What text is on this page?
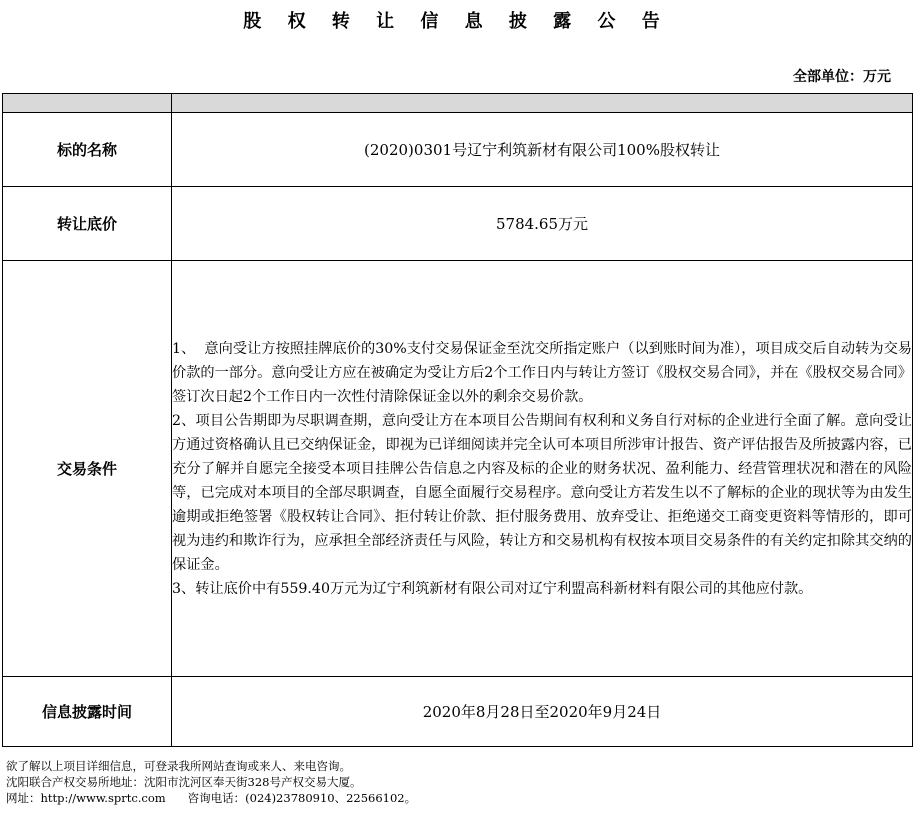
股 权 转 让 信 息 披 露 公 告
全部单位：万元

标的名称	(2020)0301号辽宁利筑新材有限公司100%股权转让
转让底价	5784.65万元
交易条件	1、  意向受让方按照挂牌底价的30%支付交易保证金至沈交所指定账户（以到账时间为准），项目成交后自动转为交易价款的一部分。意向受让方应在被确定为受让方后2个工作日内与转让方签订《股权交易合同》，并在《股权交易合同》签订次日起2个工作日内一次性付清除保证金以外的剩余交易价款。
2、项目公告期即为尽职调查期，意向受让方在本项目公告期间有权利和义务自行对标的企业进行全面了解。意向受让方通过资格确认且已交纳保证金，即视为已详细阅读并完全认可本项目所涉审计报告、资产评估报告及所披露内容，已充分了解并自愿完全接受本项目挂牌公告信息之内容及标的企业的财务状况、盈利能力、经营管理状况和潜在的风险等，已完成对本项目的全部尽职调查，自愿全面履行交易程序。意向受让方若发生以不了解标的企业的现状等为由发生逾期或拒绝签署《股权转让合同》、拒付转让价款、拒付服务费用、放弃受让、拒绝递交工商变更资料等情形的，即可视为违约和欺诈行为，应承担全部经济责任与风险，转让方和交易机构有权按本项目交易条件的有关约定扣除其交纳的保证金。
3、转让底价中有559.40万元为辽宁利筑新材有限公司对辽宁利盟高科新材料有限公司的其他应付款。
信息披露时间	2020年8月28日至2020年9月24日
欲了解以上项目详细信息，可登录我所网站查询或来人、来电咨询。
沈阳联合产权交易所地址：沈阳市沈河区奉天街328号产权交易大厦。
网址：http://www.sprtc.com      咨询电话：(024)23780910、22566102。
